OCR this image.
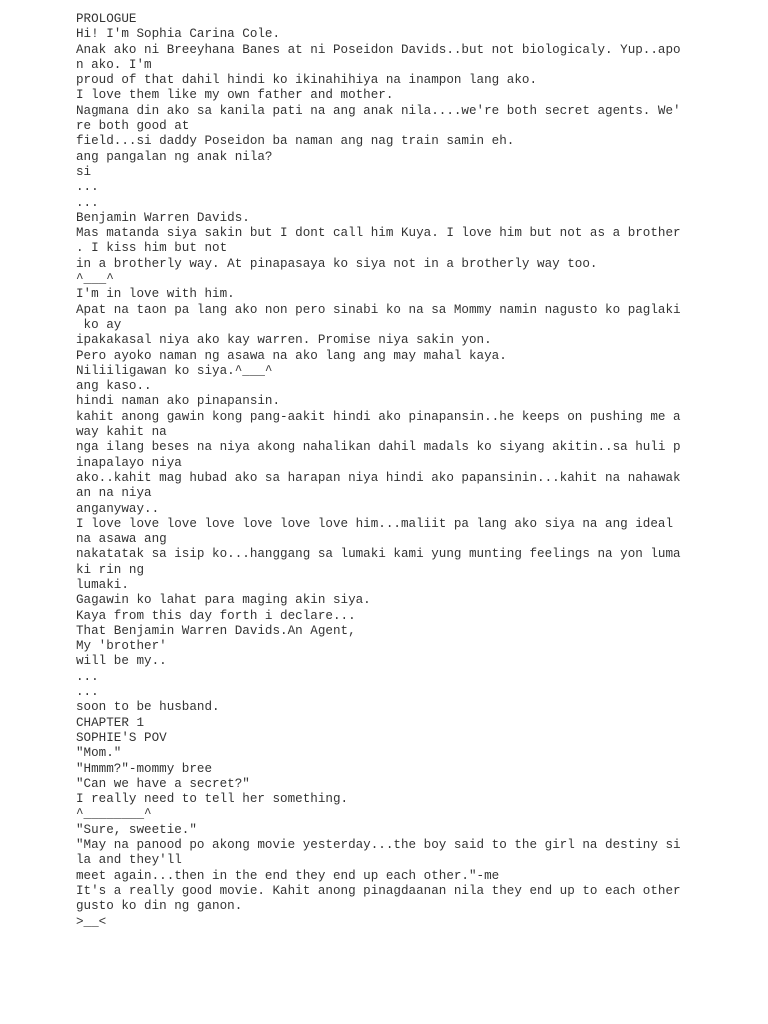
PROLOGUE
Hi! I'm Sophia Carina Cole.
Anak ako ni Breeyhana Banes at ni Poseidon Davids..but not biologicaly. Yup..apo
n ako. I'm
proud of that dahil hindi ko ikinahihiya na inampon lang ako.
I love them like my own father and mother.
Nagmana din ako sa kanila pati na ang anak nila....we're both secret agents. We'
re both good at
field...si daddy Poseidon ba naman ang nag train samin eh.
ang pangalan ng anak nila?
si
...
...
Benjamin Warren Davids.
Mas matanda siya sakin but I dont call him Kuya. I love him but not as a brother
. I kiss him but not
in a brotherly way. At pinapasaya ko siya not in a brotherly way too.
^___^
I'm in love with him.
Apat na taon pa lang ako non pero sinabi ko na sa Mommy namin nagusto ko paglaki
ko ay
ipakakasal niya ako kay warren. Promise niya sakin yon.
Pero ayoko naman ng asawa na ako lang ang may mahal kaya.
Niliiligawan ko siya.^___^
ang kaso..
hindi naman ako pinapansin.
kahit anong gawin kong pang-aakit hindi ako pinapansin..he keeps on pushing me a
way kahit na
nga ilang beses na niya akong nahalikan dahil madals ko siyang akitin..sa huli p
inapalayo niya
ako..kahit mag hubad ako sa harapan niya hindi ako papansinin...kahit na nahawak
an na niya
anganyway..
I love love love love love love love him...maliit pa lang ako siya na ang ideal
na asawa ang
nakatatak sa isip ko...hanggang sa lumaki kami yung munting feelings na yon luma
ki rin ng
lumaki.
Gagawin ko lahat para maging akin siya.
Kaya from this day forth i declare...
That Benjamin Warren Davids.An Agent,
My 'brother'
will be my..
...
...
soon to be husband.
CHAPTER 1
SOPHIE'S POV
"Mom."
"Hmmm?"-mommy bree
"Can we have a secret?"
I really need to tell her something.
^________^
"Sure, sweetie."
"May na panood po akong movie yesterday...the boy said to the girl na destiny si
la and they'll
meet again...then in the end they end up each other."-me
It's a really good movie. Kahit anong pinagdaanan nila they end up to each other
gusto ko din ng ganon.
>__<
